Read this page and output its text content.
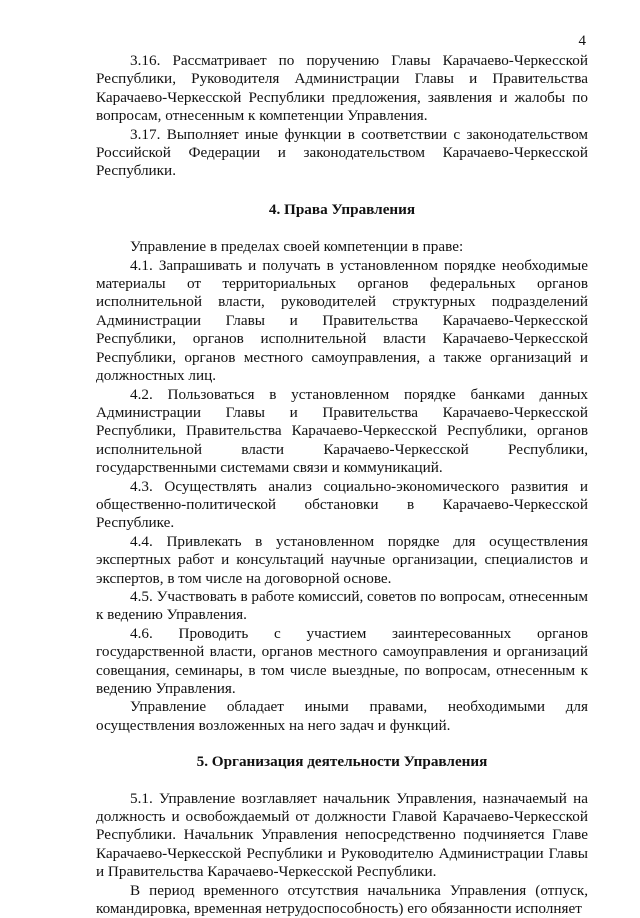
4

3.16. Рассматривает по поручению Главы Карачаево-Черкесской Республики, Руководителя Администрации Главы и Правительства Карачаево-Черкесской Республики предложения, заявления и жалобы по вопросам, отнесенным к компетенции Управления.

3.17. Выполняет иные функции в соответствии с законодательством Российской Федерации и законодательством Карачаево-Черкесской Республики.

4. Права Управления

Управление в пределах своей компетенции в праве:

4.1. Запрашивать и получать в установленном порядке необходимые материалы от территориальных органов федеральных органов исполнительной власти, руководителей структурных подразделений Администрации Главы и Правительства Карачаево-Черкесской Республики, органов исполнительной власти Карачаево-Черкесской Республики, органов местного самоуправления, а также организаций и должностных лиц.

4.2. Пользоваться в установленном порядке банками данных Администрации Главы и Правительства Карачаево-Черкесской Республики, Правительства Карачаево-Черкесской Республики, органов исполнительной власти Карачаево-Черкесской Республики, государственными системами связи и коммуникаций.

4.3. Осуществлять анализ социально-экономического развития и общественно-политической обстановки в Карачаево-Черкесской Республике.

4.4. Привлекать в установленном порядке для осуществления экспертных работ и консультаций научные организации, специалистов и экспертов, в том числе на договорной основе.

4.5. Участвовать в работе комиссий, советов по вопросам, отнесенным к ведению Управления.

4.6. Проводить с участием заинтересованных органов государственной власти, органов местного самоуправления и организаций совещания, семинары, в том числе выездные, по вопросам, отнесенным к ведению Управления.

Управление обладает иными правами, необходимыми для осуществления возложенных на него задач и функций.

5. Организация деятельности Управления

5.1. Управление возглавляет начальник Управления, назначаемый на должность и освобождаемый от должности Главой Карачаево-Черкесской Республики. Начальник Управления непосредственно подчиняется Главе Карачаево-Черкесской Республики и Руководителю Администрации Главы и Правительства Карачаево-Черкесской Республики.

В период временного отсутствия начальника Управления (отпуск, командировка, временная нетрудоспособность) его обязанности исполняет
